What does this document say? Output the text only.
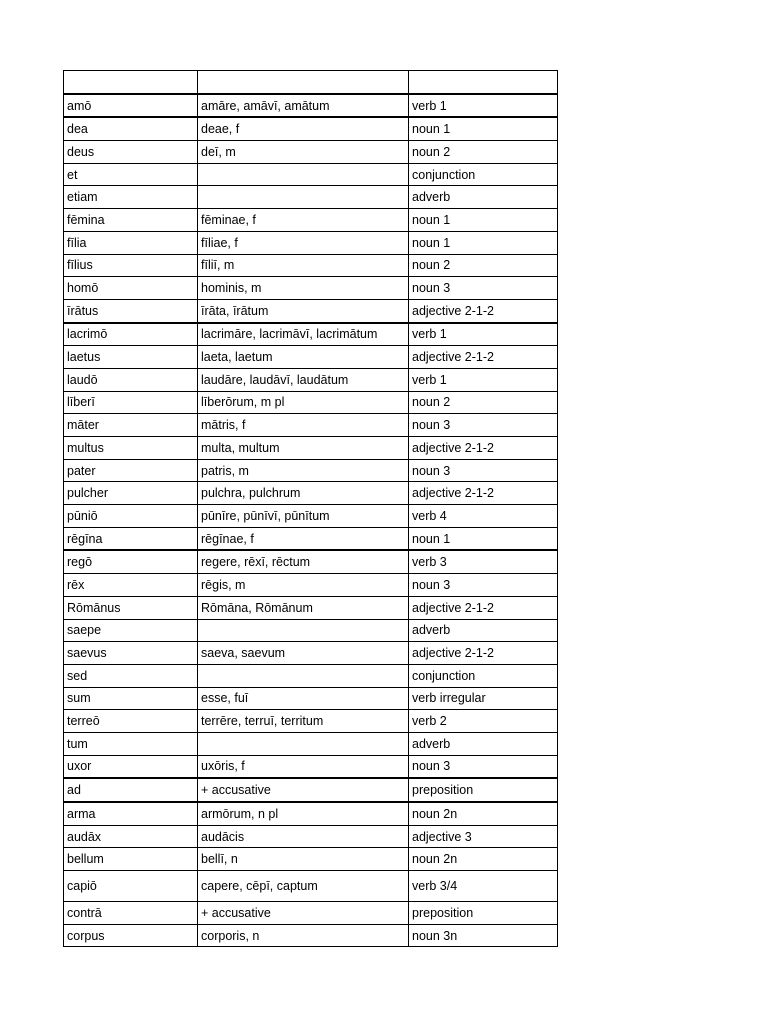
amō	amāre, amāvī, amātum	verb 1
dea	deae, f	noun 1
deus	deī, m	noun 2
et		conjunction
etiam		adverb
fēmina	fēminae, f	noun 1
fīlia	fīliae, f	noun 1
fīlius	fīliī, m	noun 2
homō	hominis, m	noun 3
īrātus	īrāta, īrātum	adjective 2-1-2
lacrimō	lacrimāre, lacrimāvī, lacrimātum	verb 1
laetus	laeta, laetum	adjective 2-1-2
laudō	laudāre, laudāvī, laudātum	verb 1
līberī	līberōrum, m pl	noun 2
māter	mātris, f	noun 3
multus	multa, multum	adjective 2-1-2
pater	patris, m	noun 3
pulcher	pulchra, pulchrum	adjective 2-1-2
pūniō	pūnīre, pūnīvī, pūnītum	verb 4
rēgīna	rēgīnae, f	noun 1
regō	regere, rēxī, rēctum	verb 3
rēx	rēgis, m	noun 3
Rōmānus	Rōmāna, Rōmānum	adjective 2-1-2
saepe		adverb
saevus	saeva, saevum	adjective 2-1-2
sed		conjunction
sum	esse, fuī	verb irregular
terreō	terrēre, terruī, territum	verb 2
tum		adverb
uxor	uxōris, f	noun 3
ad	+ accusative	preposition
arma	armōrum, n pl	noun 2n
audāx	audācis	adjective 3
bellum	bellī, n	noun 2n
capiō	capere, cēpī, captum	verb 3/4
contrā	+ accusative	preposition
corpus	corporis, n	noun 3n
